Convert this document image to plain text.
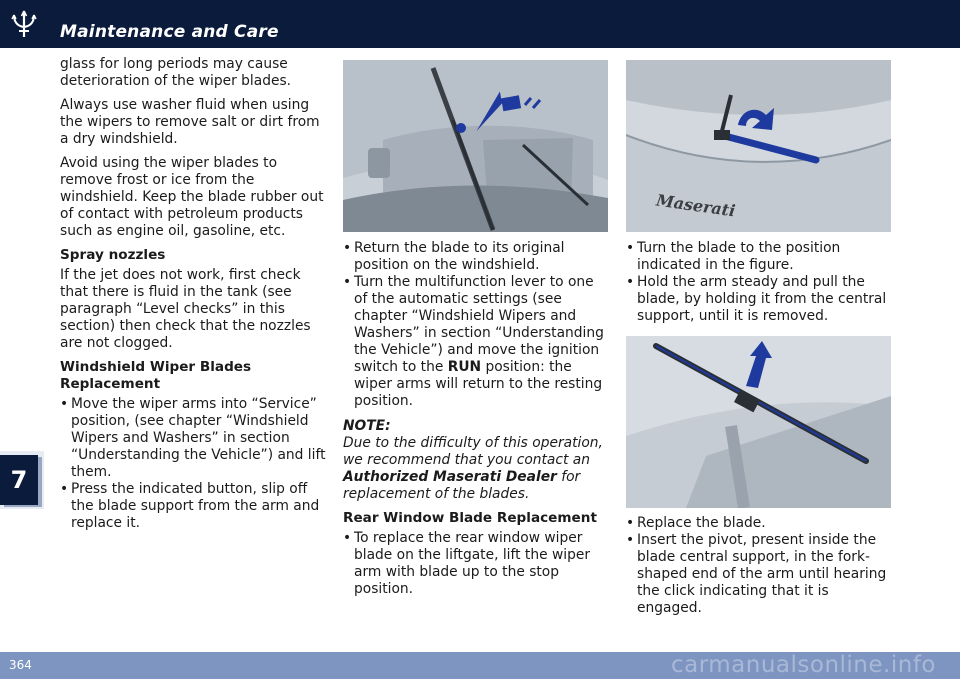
Maintenance and Care
7

glass for long periods may cause deterioration of the wiper blades.

Always use washer fluid when using the wipers to remove salt or dirt from a dry windshield.

Avoid using the wiper blades to remove frost or ice from the windshield. Keep the blade rubber out of contact with petroleum products such as engine oil, gasoline, etc.

Spray nozzles

If the jet does not work, first check that there is fluid in the tank (see paragraph “Level checks” in this section) then check that the nozzles are not clogged.

Windshield Wiper Blades Replacement
• Move the wiper arms into “Service” position, (see chapter “Windshield Wipers and Washers” in section “Understanding the Vehicle”) and lift them.
• Press the indicated button, slip off the blade support from the arm and replace it.
Maserati
• Return the blade to its original position on the windshield.
• Turn the multifunction lever to one of the automatic settings (see chapter “Windshield Wipers and Washers” in section “Understanding the Vehicle”) and move the ignition switch to the RUN position: the wiper arms will return to the resting position.
NOTE:

Due to the difficulty of this operation, we recommend that you contact an Authorized Maserati Dealer for replacement of the blades.

Rear Window Blade Replacement
• To replace the rear window wiper blade on the liftgate, lift the wiper arm with blade up to the stop position.
• Turn the blade to the position indicated in the figure.
• Hold the arm steady and pull the blade, by holding it from the central support, until it is removed.
• Replace the blade.
• Insert the pivot, present inside the blade central support, in the fork-shaped end of the arm until hearing the click indicating that it is engaged.
364	carmanualsonline.info
